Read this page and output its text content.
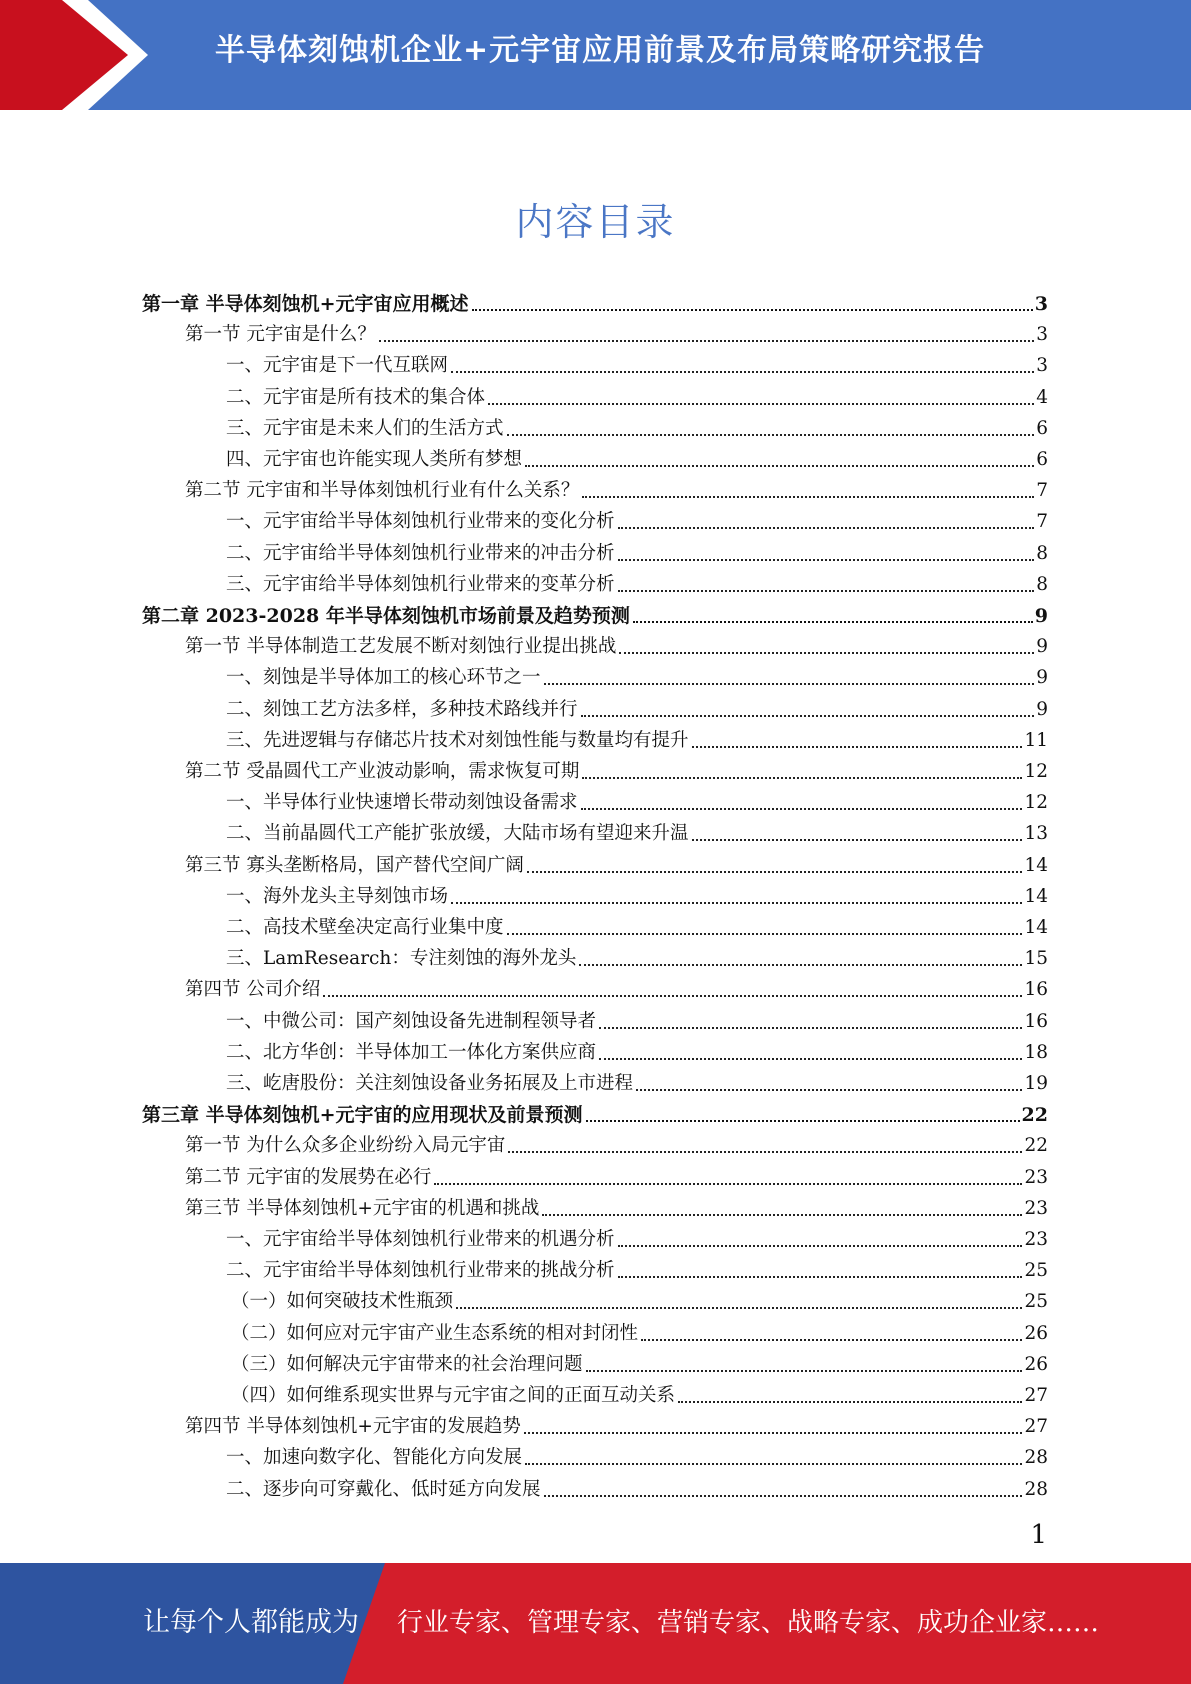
半导体刻蚀机企业+元宇宙应用前景及布局策略研究报告
内容目录
第一章 半导体刻蚀机+元宇宙应用概述	3
第一节 元宇宙是什么？	3
一、元宇宙是下一代互联网	3
二、元宇宙是所有技术的集合体	4
三、元宇宙是未来人们的生活方式	6
四、元宇宙也许能实现人类所有梦想	6
第二节 元宇宙和半导体刻蚀机行业有什么关系？	7
一、元宇宙给半导体刻蚀机行业带来的变化分析	7
二、元宇宙给半导体刻蚀机行业带来的冲击分析	8
三、元宇宙给半导体刻蚀机行业带来的变革分析	8
第二章 2023-2028 年半导体刻蚀机市场前景及趋势预测	9
第一节 半导体制造工艺发展不断对刻蚀行业提出挑战	9
一、刻蚀是半导体加工的核心环节之一	9
二、刻蚀工艺方法多样，多种技术路线并行	9
三、先进逻辑与存储芯片技术对刻蚀性能与数量均有提升	11
第二节 受晶圆代工产业波动影响，需求恢复可期	12
一、半导体行业快速增长带动刻蚀设备需求	12
二、当前晶圆代工产能扩张放缓，大陆市场有望迎来升温	13
第三节 寡头垄断格局，国产替代空间广阔	14
一、海外龙头主导刻蚀市场	14
二、高技术壁垒决定高行业集中度	14
三、LamResearch：专注刻蚀的海外龙头	15
第四节 公司介绍	16
一、中微公司：国产刻蚀设备先进制程领导者	16
二、北方华创：半导体加工一体化方案供应商	18
三、屹唐股份：关注刻蚀设备业务拓展及上市进程	19
第三章 半导体刻蚀机+元宇宙的应用现状及前景预测	22
第一节 为什么众多企业纷纷入局元宇宙	22
第二节 元宇宙的发展势在必行	23
第三节 半导体刻蚀机+元宇宙的机遇和挑战	23
一、元宇宙给半导体刻蚀机行业带来的机遇分析	23
二、元宇宙给半导体刻蚀机行业带来的挑战分析	25
（一）如何突破技术性瓶颈	25
（二）如何应对元宇宙产业生态系统的相对封闭性	26
（三）如何解决元宇宙带来的社会治理问题	26
（四）如何维系现实世界与元宇宙之间的正面互动关系	27
第四节 半导体刻蚀机+元宇宙的发展趋势	27
一、加速向数字化、智能化方向发展	28
二、逐步向可穿戴化、低时延方向发展	28
1
让每个人都能成为 行业专家、管理专家、营销专家、战略专家、成功企业家……
